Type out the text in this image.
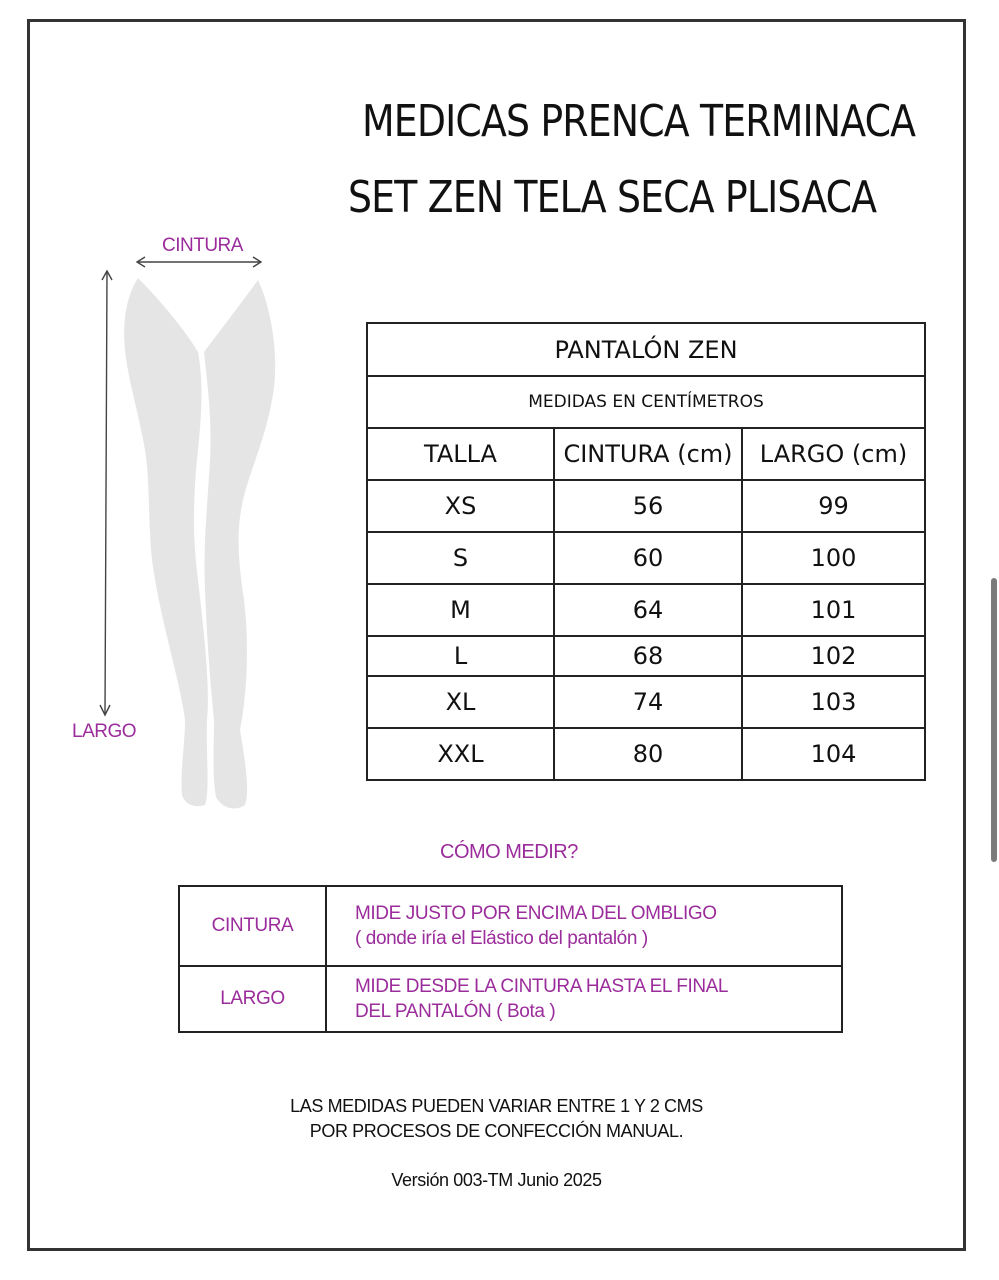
MEDICAS PRENCA TERMINACA
SET ZEN TELA SECA PLISACA
CINTURA
LARGO
PANTALÓN ZEN		
MEDIDAS EN CENTÍMETROS		
TALLA	CINTURA (cm)	LARGO (cm)
XS	56	99
S	60	100
M	64	101
L	68	102
XL	74	103
XXL	80	104
CÓMO MEDIR?
CINTURA	MIDE JUSTO POR ENCIMA DEL OMBLIGO
( donde iría el Elástico del pantalón )

LARGO	MIDE DESDE LA CINTURA HASTA EL FINAL
DEL PANTALÓN ( Bota )
LAS MEDIDAS PUEDEN VARIAR ENTRE 1 Y 2 CMS
POR PROCESOS DE CONFECCIÓN MANUAL.
Versión 003-TM Junio 2025
